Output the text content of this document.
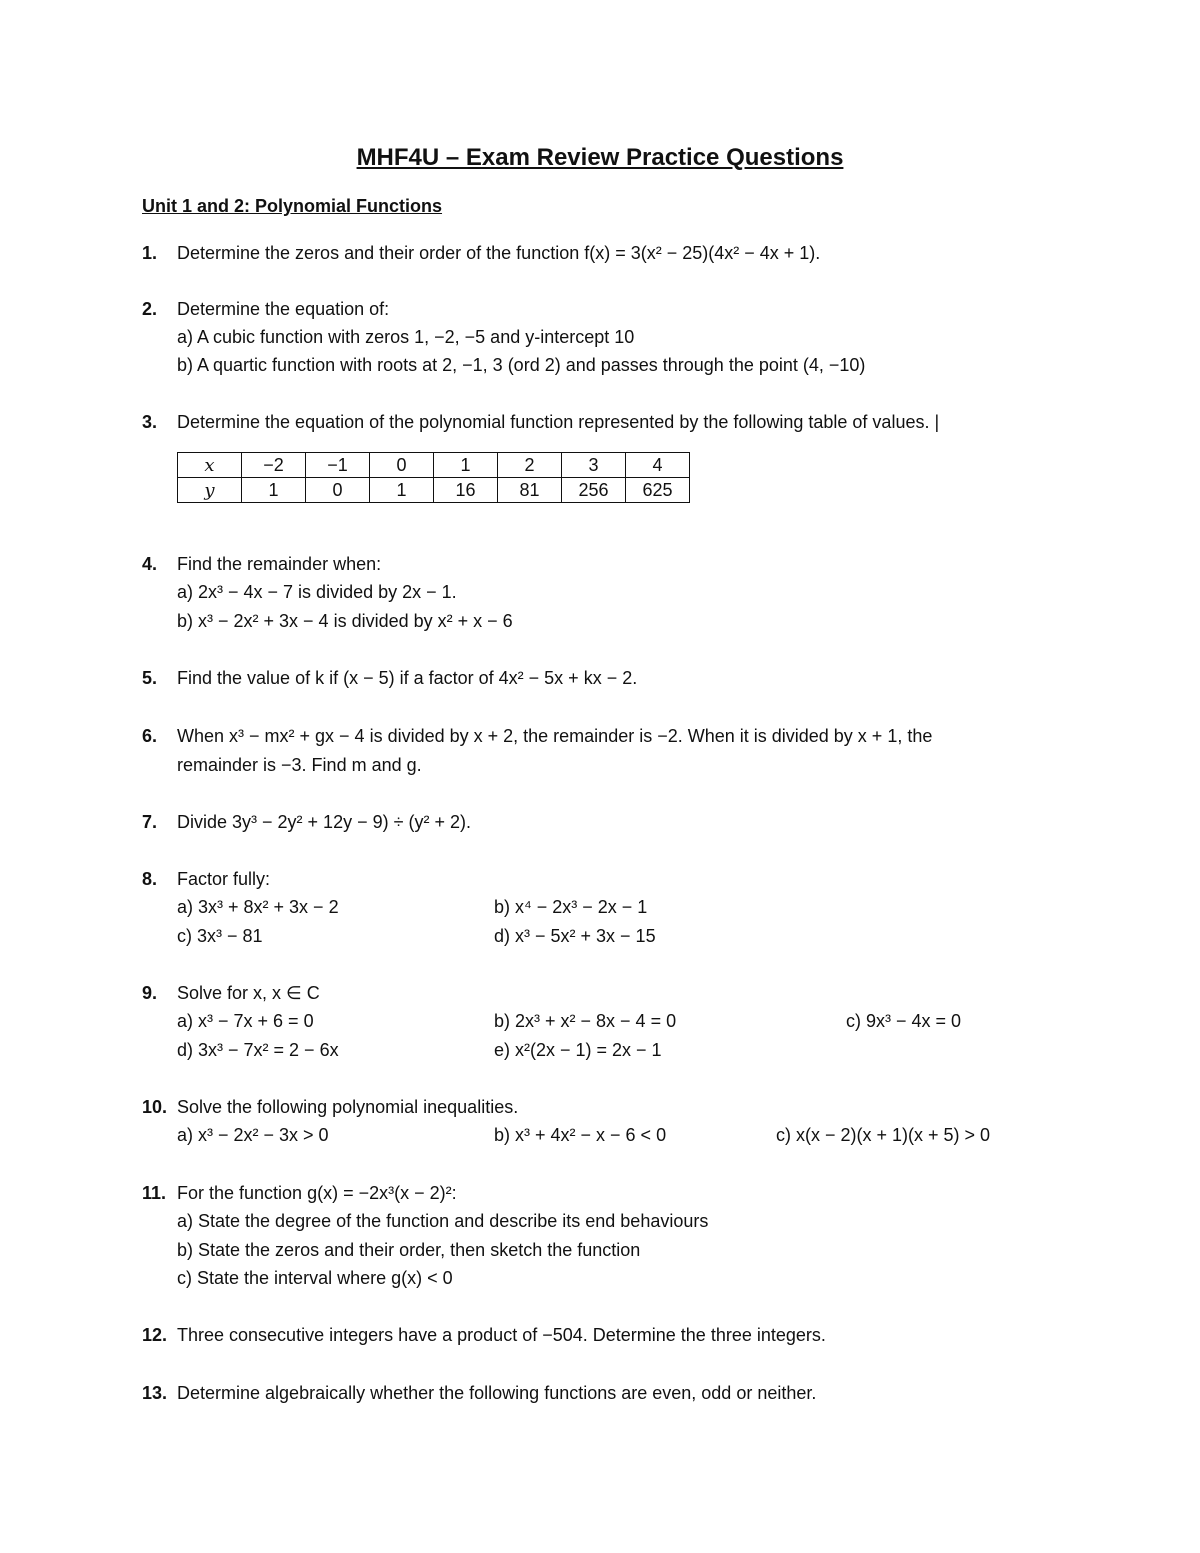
MHF4U – Exam Review Practice Questions
Unit 1 and 2: Polynomial Functions
1. Determine the zeros and their order of the function f(x) = 3(x² − 25)(4x² − 4x + 1).
2. Determine the equation of:
a) A cubic function with zeros 1, −2, −5 and y-intercept 10
b) A quartic function with roots at 2, −1, 3 (ord 2) and passes through the point (4, −10)
3. Determine the equation of the polynomial function represented by the following table of values. |
x	−2	−1	0	1	2	3	4
y	1	0	1	16	81	256	625
4. Find the remainder when:
a) 2x³ − 4x − 7 is divided by 2x − 1.
b) x³ − 2x² + 3x − 4 is divided by x² + x − 6
5. Find the value of k if (x − 5) if a factor of 4x² − 5x + kx − 2.
6. When x³ − mx² + gx − 4 is divided by x + 2, the remainder is −2. When it is divided by x + 1, the
remainder is −3. Find m and g.
7. Divide 3y³ − 2y² + 12y − 9) ÷ (y² + 2).
8. Factor fully:
a) 3x³ + 8x² + 3x − 2	b) x⁴ − 2x³ − 2x − 1
c) 3x³ − 81	d) x³ − 5x² + 3x − 15
9. Solve for x, x ∈ C
a) x³ − 7x + 6 = 0	b) 2x³ + x² − 8x − 4 = 0	c) 9x³ − 4x = 0
d) 3x³ − 7x² = 2 − 6x	e) x²(2x − 1) = 2x − 1
10. Solve the following polynomial inequalities.
a) x³ − 2x² − 3x > 0	b) x³ + 4x² − x − 6 < 0	c) x(x − 2)(x + 1)(x + 5) > 0
11. For the function g(x) = −2x³(x − 2)²:
a) State the degree of the function and describe its end behaviours
b) State the zeros and their order, then sketch the function
c) State the interval where g(x) < 0
12. Three consecutive integers have a product of −504. Determine the three integers.
13. Determine algebraically whether the following functions are even, odd or neither.
